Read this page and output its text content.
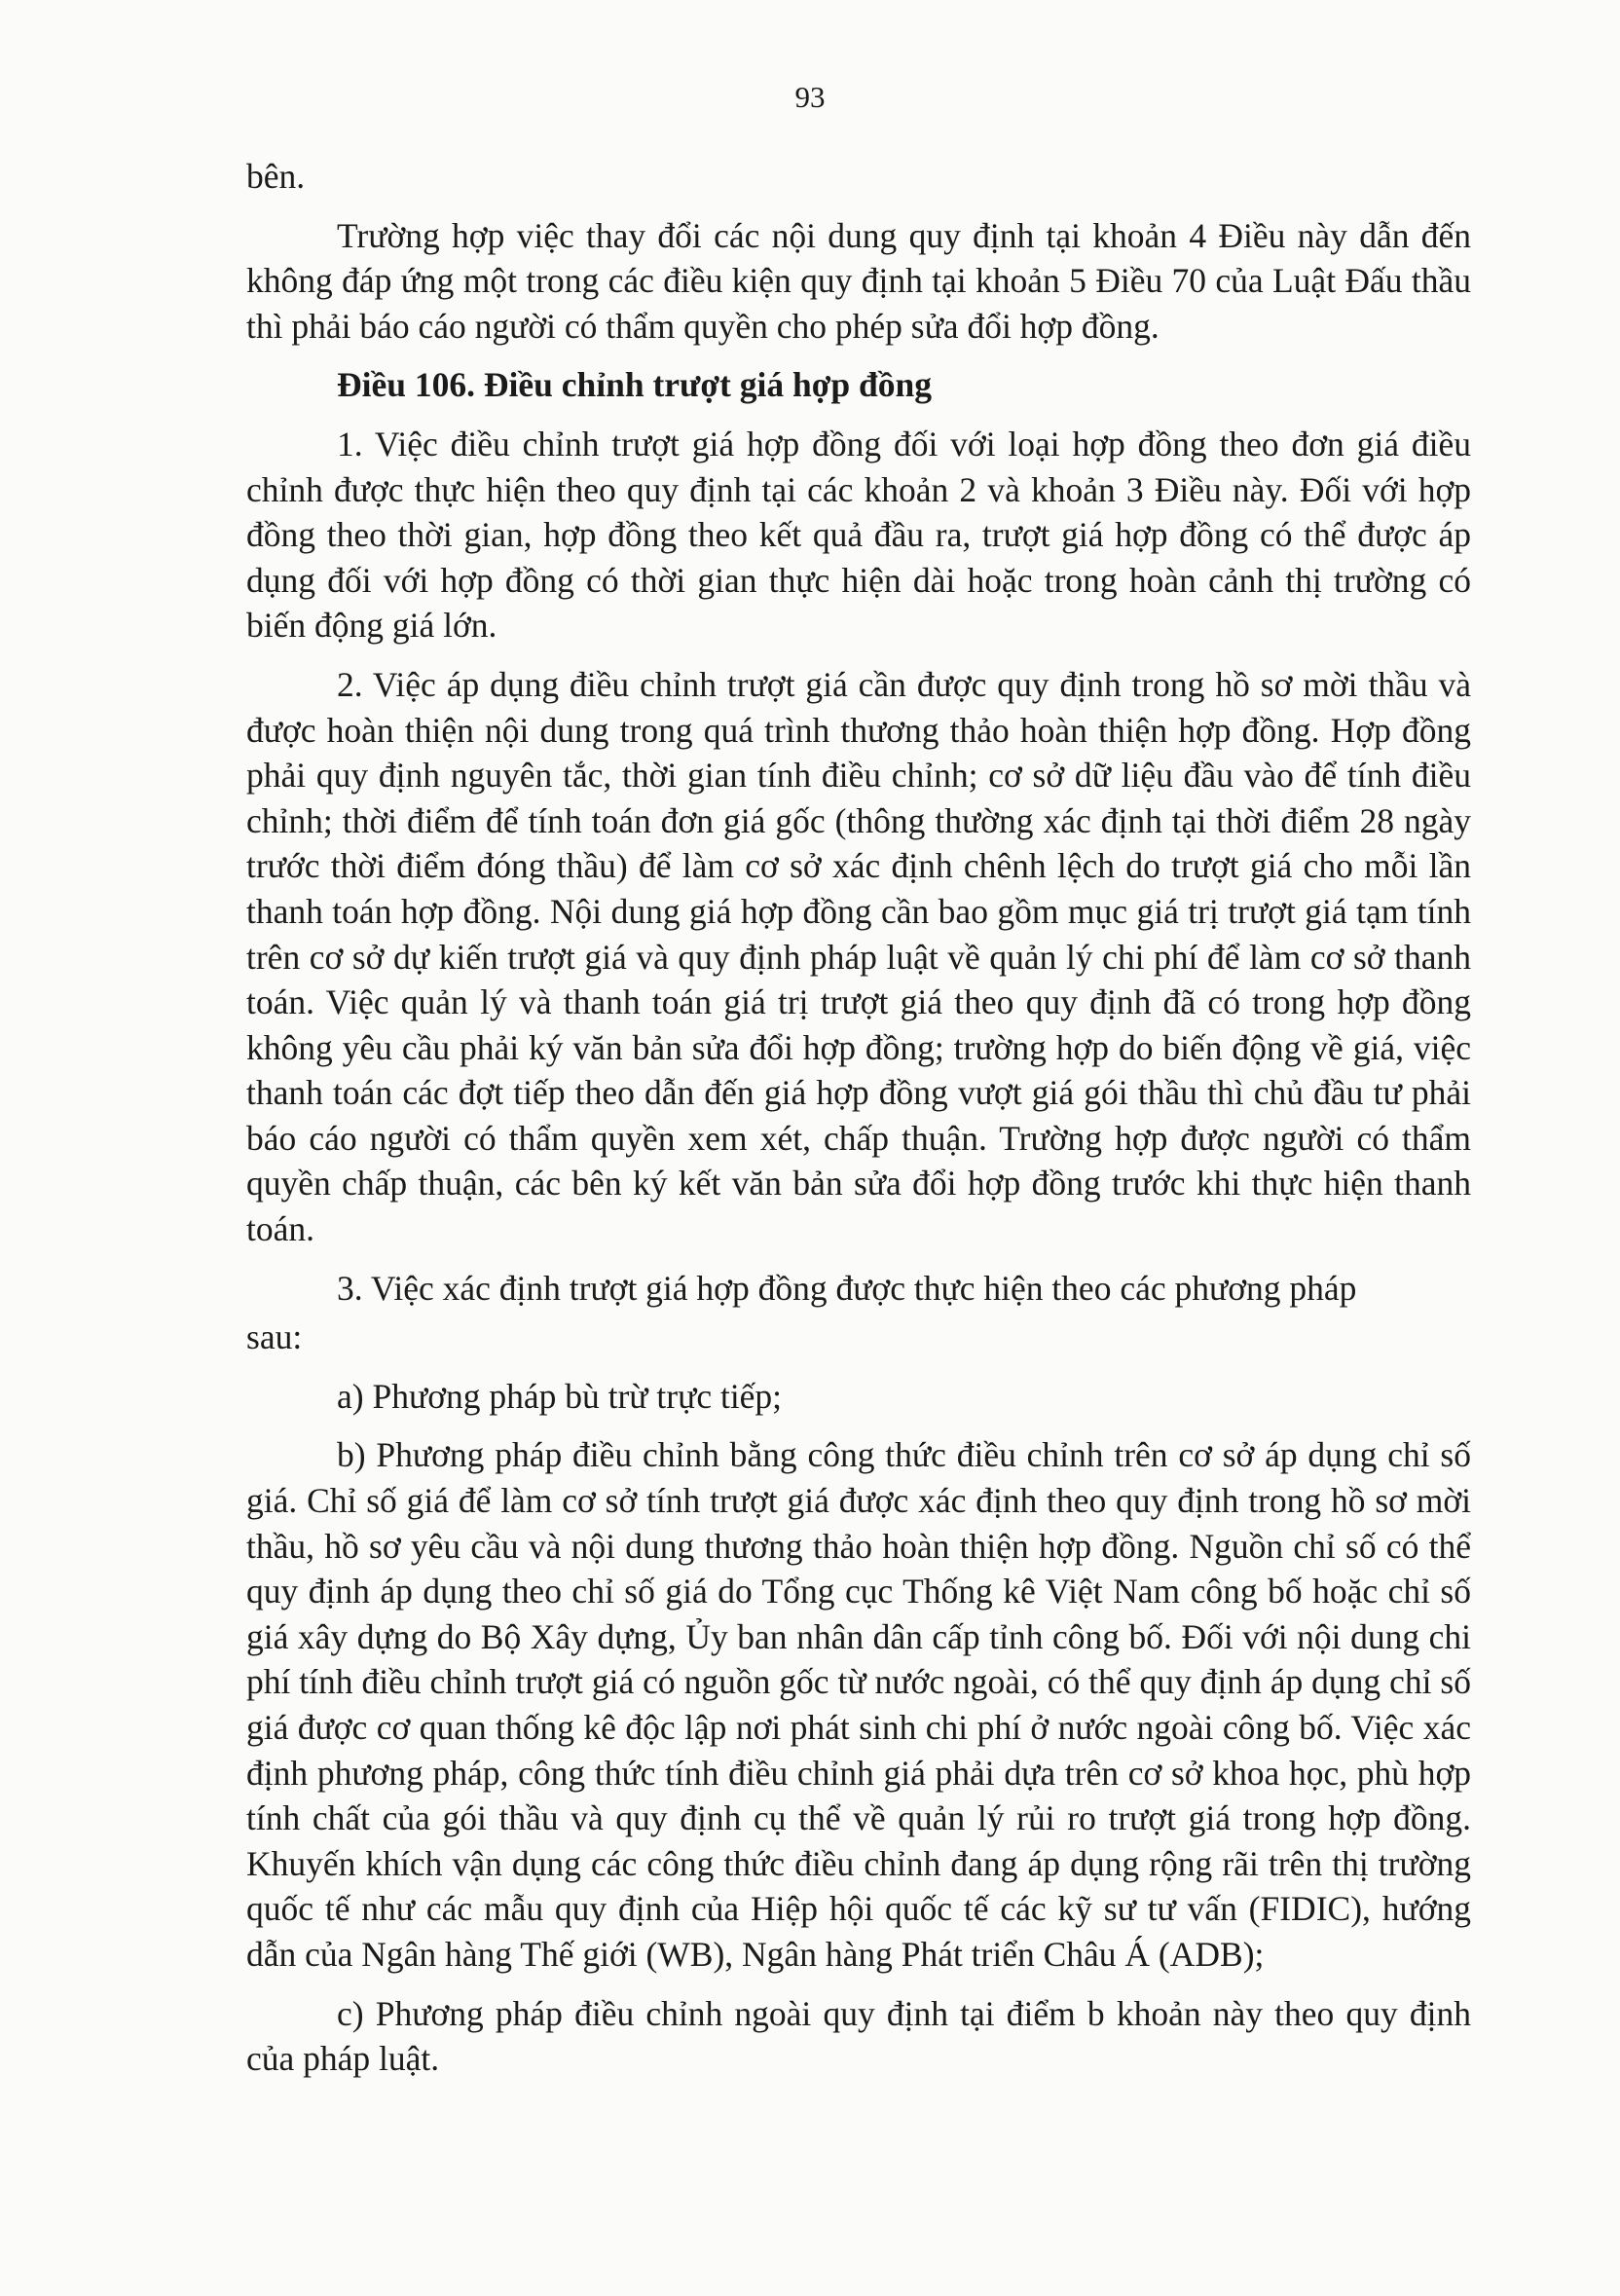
93

bên.

Trường hợp việc thay đổi các nội dung quy định tại khoản 4 Điều này dẫn đến không đáp ứng một trong các điều kiện quy định tại khoản 5 Điều 70 của Luật Đấu thầu thì phải báo cáo người có thẩm quyền cho phép sửa đổi hợp đồng.

Điều 106. Điều chỉnh trượt giá hợp đồng

1. Việc điều chỉnh trượt giá hợp đồng đối với loại hợp đồng theo đơn giá điều chỉnh được thực hiện theo quy định tại các khoản 2 và khoản 3 Điều này. Đối với hợp đồng theo thời gian, hợp đồng theo kết quả đầu ra, trượt giá hợp đồng có thể được áp dụng đối với hợp đồng có thời gian thực hiện dài hoặc trong hoàn cảnh thị trường có biến động giá lớn.

2. Việc áp dụng điều chỉnh trượt giá cần được quy định trong hồ sơ mời thầu và được hoàn thiện nội dung trong quá trình thương thảo hoàn thiện hợp đồng. Hợp đồng phải quy định nguyên tắc, thời gian tính điều chỉnh; cơ sở dữ liệu đầu vào để tính điều chỉnh; thời điểm để tính toán đơn giá gốc (thông thường xác định tại thời điểm 28 ngày trước thời điểm đóng thầu) để làm cơ sở xác định chênh lệch do trượt giá cho mỗi lần thanh toán hợp đồng. Nội dung giá hợp đồng cần bao gồm mục giá trị trượt giá tạm tính trên cơ sở dự kiến trượt giá và quy định pháp luật về quản lý chi phí để làm cơ sở thanh toán. Việc quản lý và thanh toán giá trị trượt giá theo quy định đã có trong hợp đồng không yêu cầu phải ký văn bản sửa đổi hợp đồng; trường hợp do biến động về giá, việc thanh toán các đợt tiếp theo dẫn đến giá hợp đồng vượt giá gói thầu thì chủ đầu tư phải báo cáo người có thẩm quyền xem xét, chấp thuận. Trường hợp được người có thẩm quyền chấp thuận, các bên ký kết văn bản sửa đổi hợp đồng trước khi thực hiện thanh toán.

3. Việc xác định trượt giá hợp đồng được thực hiện theo các phương pháp

sau:

a) Phương pháp bù trừ trực tiếp;

b) Phương pháp điều chỉnh bằng công thức điều chỉnh trên cơ sở áp dụng chỉ số giá. Chỉ số giá để làm cơ sở tính trượt giá được xác định theo quy định trong hồ sơ mời thầu, hồ sơ yêu cầu và nội dung thương thảo hoàn thiện hợp đồng. Nguồn chỉ số có thể quy định áp dụng theo chỉ số giá do Tổng cục Thống kê Việt Nam công bố hoặc chỉ số giá xây dựng do Bộ Xây dựng, Ủy ban nhân dân cấp tỉnh công bố. Đối với nội dung chi phí tính điều chỉnh trượt giá có nguồn gốc từ nước ngoài, có thể quy định áp dụng chỉ số giá được cơ quan thống kê độc lập nơi phát sinh chi phí ở nước ngoài công bố. Việc xác định phương pháp, công thức tính điều chỉnh giá phải dựa trên cơ sở khoa học, phù hợp tính chất của gói thầu và quy định cụ thể về quản lý rủi ro trượt giá trong hợp đồng. Khuyến khích vận dụng các công thức điều chỉnh đang áp dụng rộng rãi trên thị trường quốc tế như các mẫu quy định của Hiệp hội quốc tế các kỹ sư tư vấn (FIDIC), hướng dẫn của Ngân hàng Thế giới (WB), Ngân hàng Phát triển Châu Á (ADB);

c) Phương pháp điều chỉnh ngoài quy định tại điểm b khoản này theo quy định của pháp luật.
